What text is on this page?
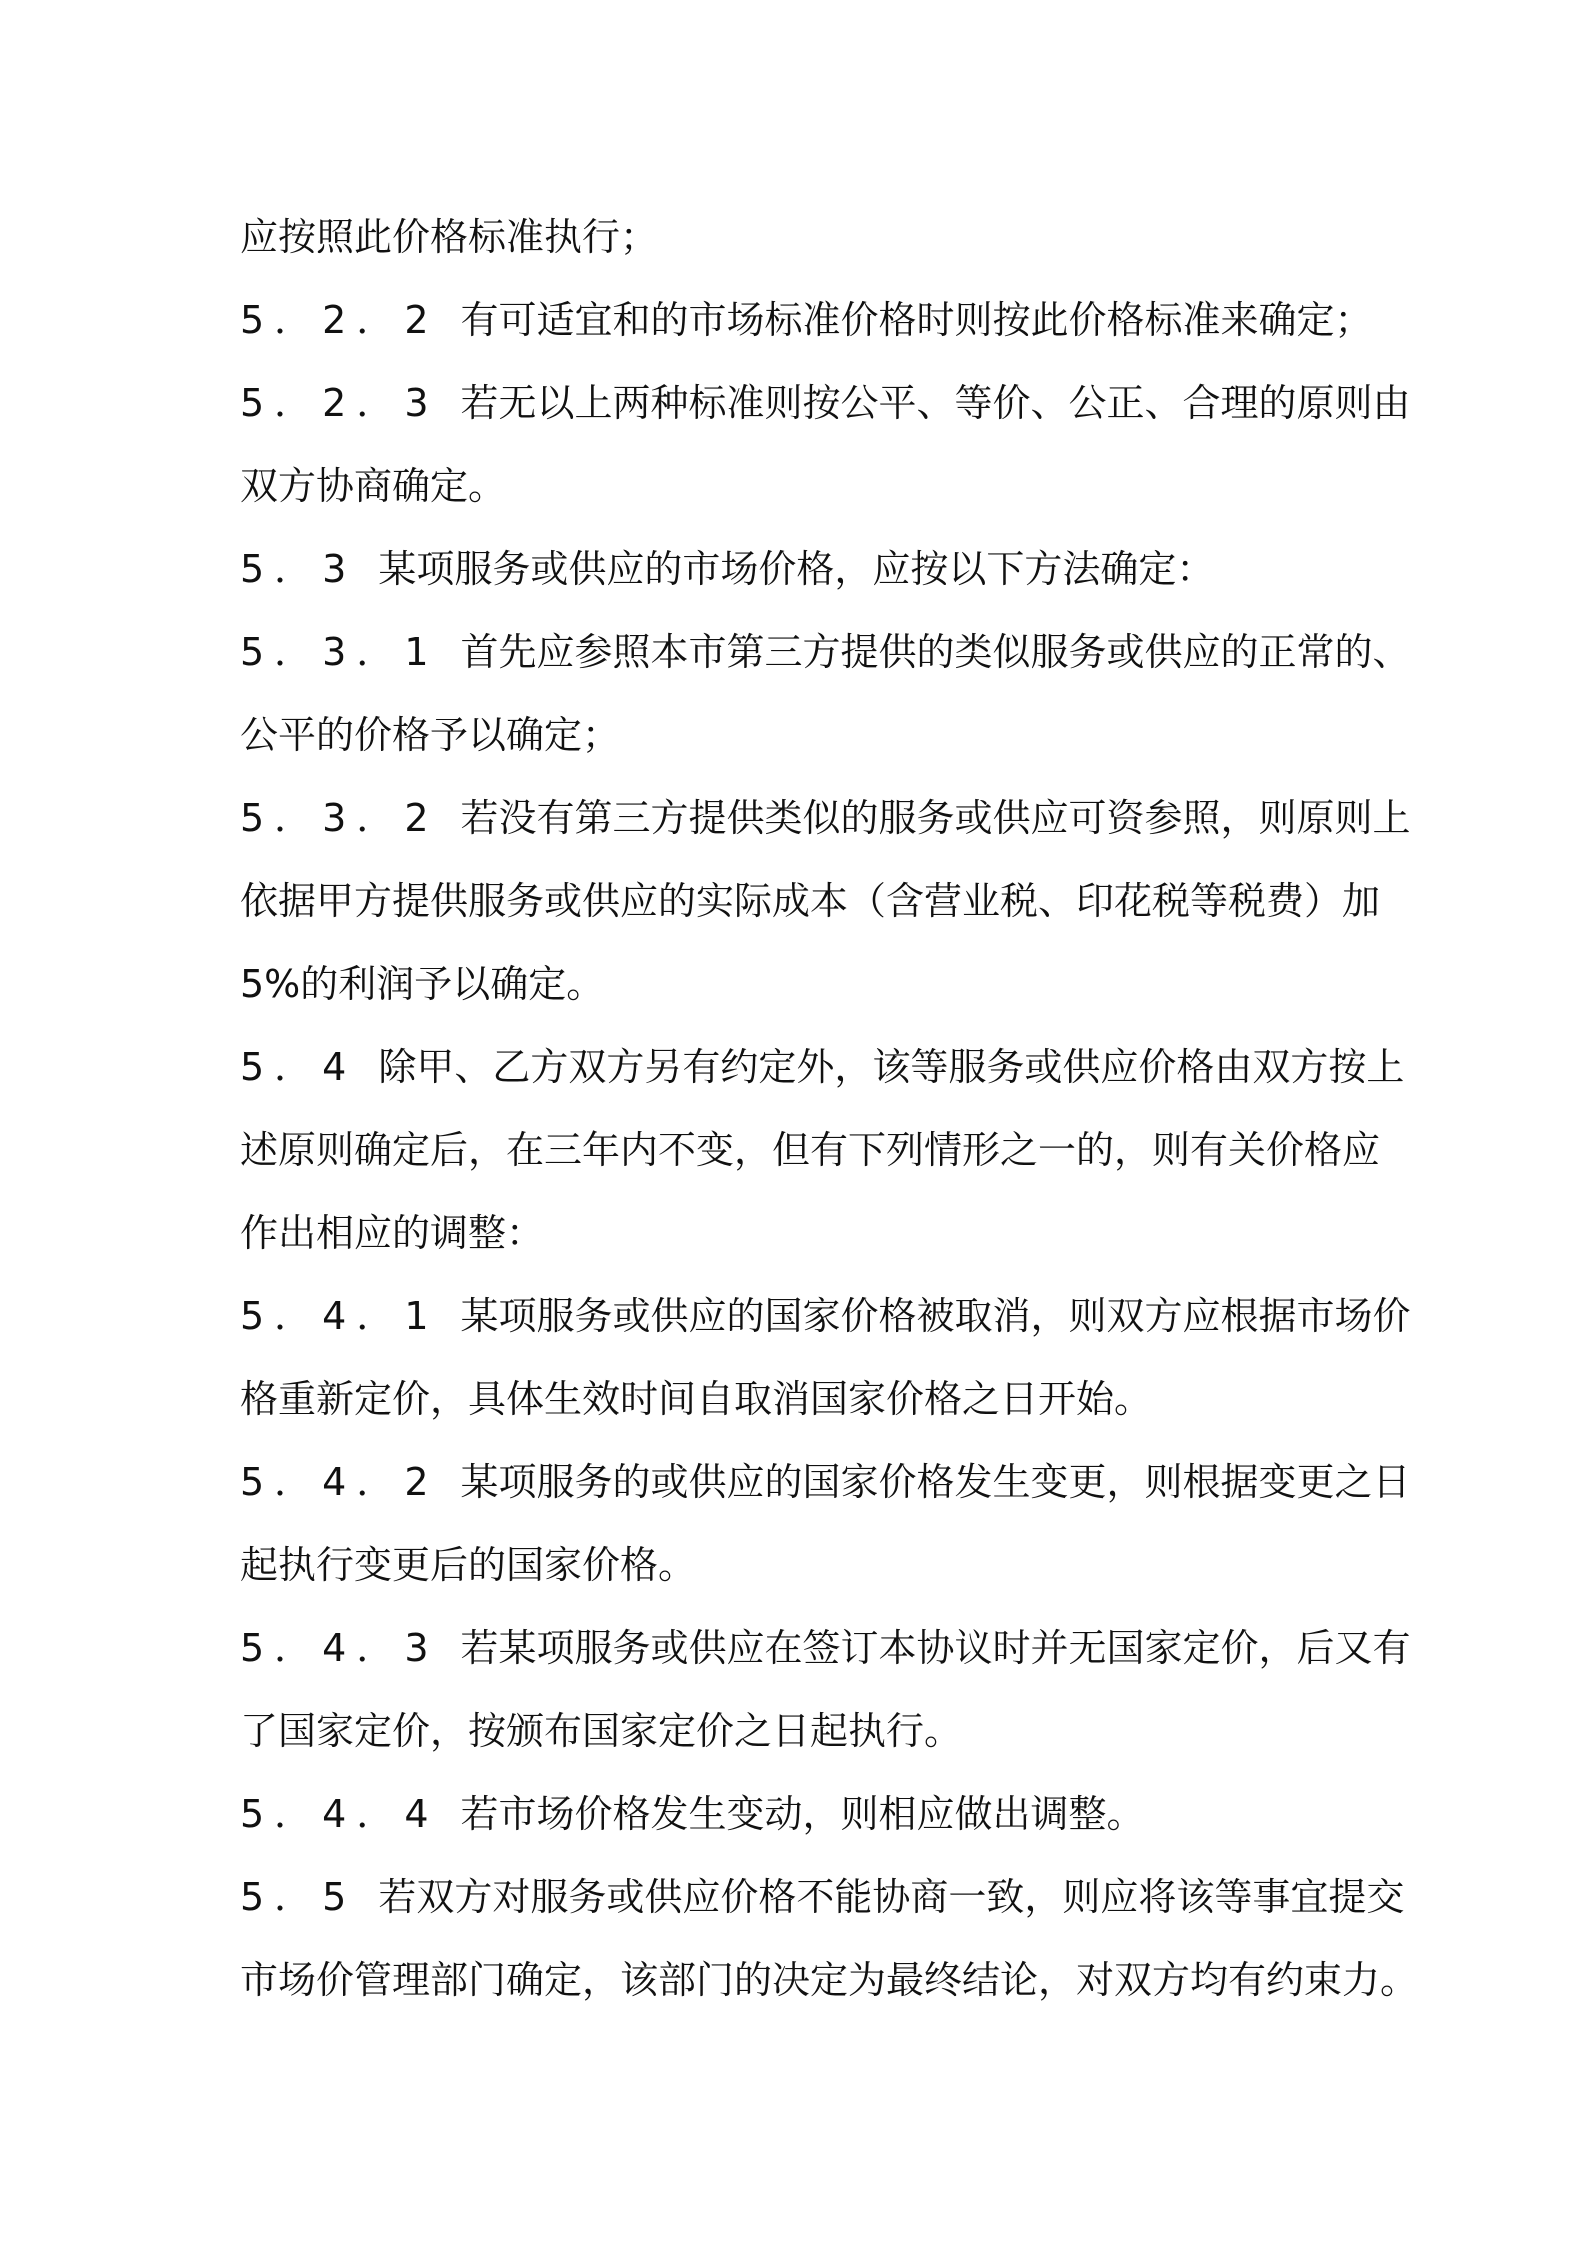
应按照此价格标准执行；
5．2．2 有可适宜和的市场标准价格时则按此价格标准来确定；
5．2．3 若无以上两种标准则按公平、等价、公正、合理的原则由
双方协商确定。
5．3 某项服务或供应的市场价格，应按以下方法确定：
5．3．1 首先应参照本市第三方提供的类似服务或供应的正常的、
公平的价格予以确定；
5．3．2 若没有第三方提供类似的服务或供应可资参照，则原则上
依据甲方提供服务或供应的实际成本（含营业税、印花税等税费）加
5%的利润予以确定。
5．4 除甲、乙方双方另有约定外，该等服务或供应价格由双方按上
述原则确定后，在三年内不变，但有下列情形之一的，则有关价格应
作出相应的调整：
5．4．1 某项服务或供应的国家价格被取消，则双方应根据市场价
格重新定价，具体生效时间自取消国家价格之日开始。
5．4．2 某项服务的或供应的国家价格发生变更，则根据变更之日
起执行变更后的国家价格。
5．4．3 若某项服务或供应在签订本协议时并无国家定价，后又有
了国家定价，按颁布国家定价之日起执行。
5．4．4 若市场价格发生变动，则相应做出调整。
5．5 若双方对服务或供应价格不能协商一致，则应将该等事宜提交
市场价管理部门确定，该部门的决定为最终结论，对双方均有约束力。
